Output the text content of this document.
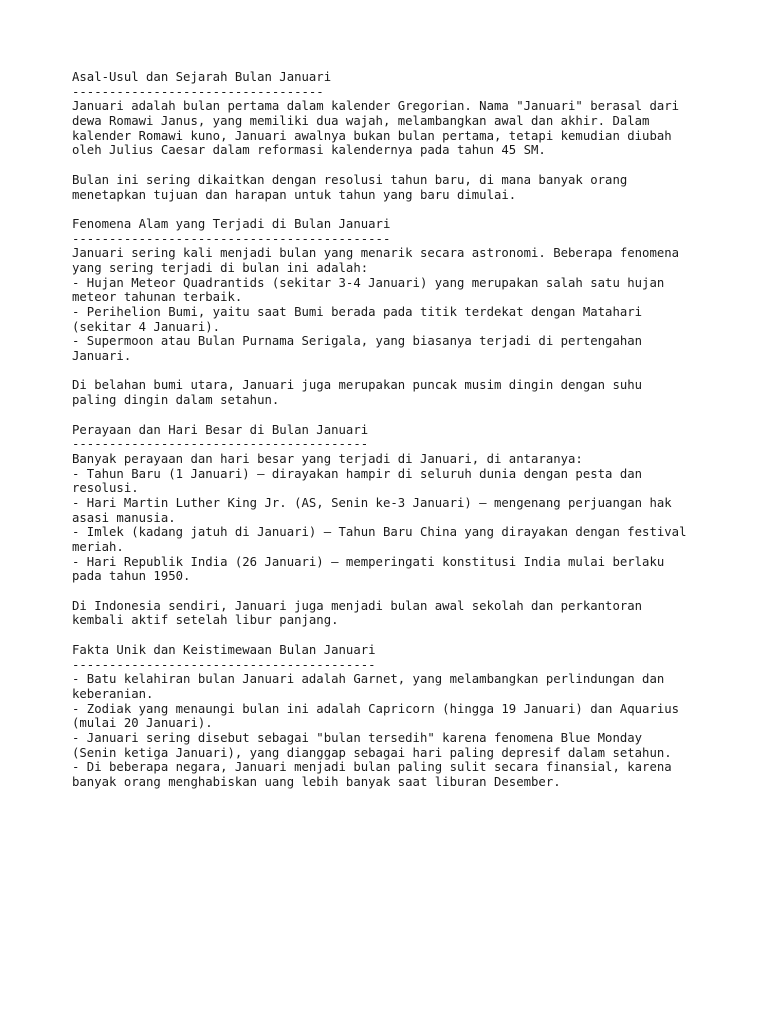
Asal-Usul dan Sejarah Bulan Januari
----------------------------------
Januari adalah bulan pertama dalam kalender Gregorian. Nama "Januari" berasal dari
dewa Romawi Janus, yang memiliki dua wajah, melambangkan awal dan akhir. Dalam
kalender Romawi kuno, Januari awalnya bukan bulan pertama, tetapi kemudian diubah
oleh Julius Caesar dalam reformasi kalendernya pada tahun 45 SM.
Bulan ini sering dikaitkan dengan resolusi tahun baru, di mana banyak orang
menetapkan tujuan dan harapan untuk tahun yang baru dimulai.
Fenomena Alam yang Terjadi di Bulan Januari
-------------------------------------------
Januari sering kali menjadi bulan yang menarik secara astronomi. Beberapa fenomena
yang sering terjadi di bulan ini adalah:
- Hujan Meteor Quadrantids (sekitar 3-4 Januari) yang merupakan salah satu hujan
meteor tahunan terbaik.
- Perihelion Bumi, yaitu saat Bumi berada pada titik terdekat dengan Matahari
(sekitar 4 Januari).
- Supermoon atau Bulan Purnama Serigala, yang biasanya terjadi di pertengahan
Januari.
Di belahan bumi utara, Januari juga merupakan puncak musim dingin dengan suhu
paling dingin dalam setahun.
Perayaan dan Hari Besar di Bulan Januari
----------------------------------------
Banyak perayaan dan hari besar yang terjadi di Januari, di antaranya:
- Tahun Baru (1 Januari) – dirayakan hampir di seluruh dunia dengan pesta dan
resolusi.
- Hari Martin Luther King Jr. (AS, Senin ke-3 Januari) – mengenang perjuangan hak
asasi manusia.
- Imlek (kadang jatuh di Januari) – Tahun Baru China yang dirayakan dengan festival
meriah.
- Hari Republik India (26 Januari) – memperingati konstitusi India mulai berlaku
pada tahun 1950.
Di Indonesia sendiri, Januari juga menjadi bulan awal sekolah dan perkantoran
kembali aktif setelah libur panjang.
Fakta Unik dan Keistimewaan Bulan Januari
-----------------------------------------
- Batu kelahiran bulan Januari adalah Garnet, yang melambangkan perlindungan dan
keberanian.
- Zodiak yang menaungi bulan ini adalah Capricorn (hingga 19 Januari) dan Aquarius
(mulai 20 Januari).
- Januari sering disebut sebagai "bulan tersedih" karena fenomena Blue Monday
(Senin ketiga Januari), yang dianggap sebagai hari paling depresif dalam setahun.
- Di beberapa negara, Januari menjadi bulan paling sulit secara finansial, karena
banyak orang menghabiskan uang lebih banyak saat liburan Desember.
